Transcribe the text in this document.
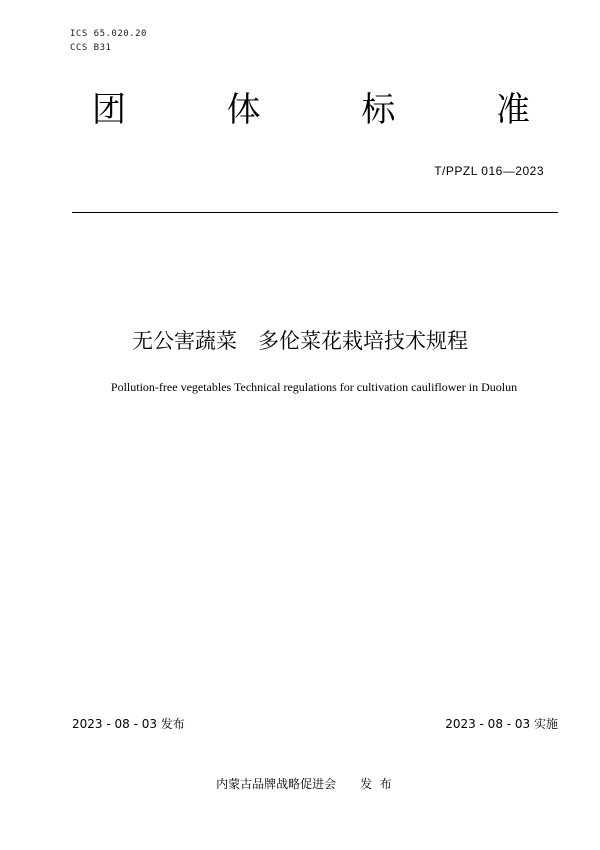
ICS 65.020.20
CCS B31
团	体	标	准
T/PPZL 016—2023
无公害蔬菜　多伦菜花栽培技术规程
Pollution-free vegetables Technical regulations for cultivation cauliflower in Duolun
2023 - 08 - 03 发布	2023 - 08 - 03 实施
内蒙古品牌战略促进会　　发  布
